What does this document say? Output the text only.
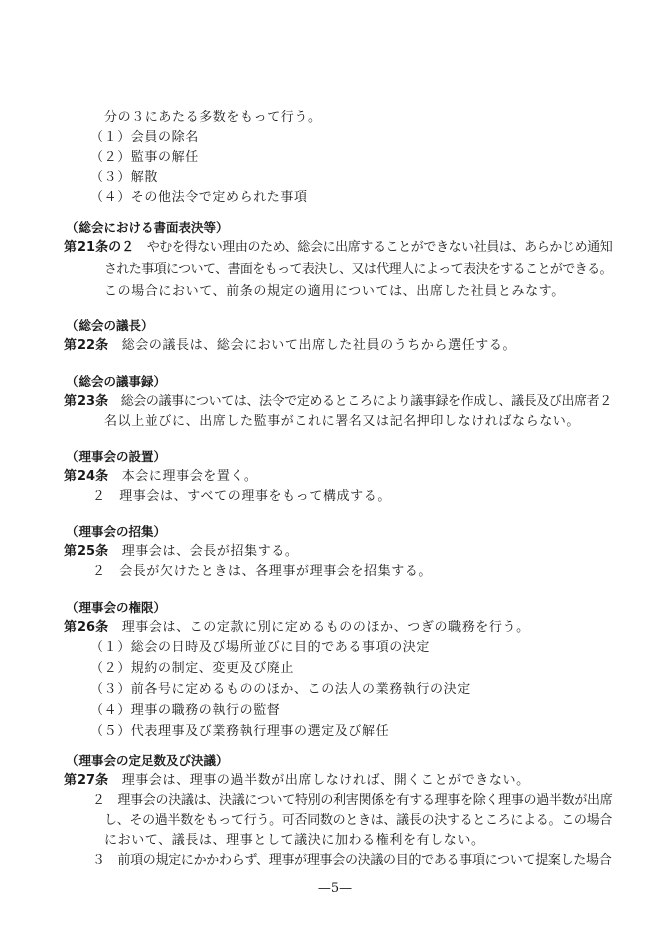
分の３にあたる多数をもって行う。
（１）会員の除名
（２）監事の解任
（３）解散
（４）その他法令で定められた事項
（総会における書面表決等）
第21条の２　 やむを得ない理由のため、総会に出席することができない社員は、あらかじめ通知
された事項について、書面をもって表決し、又は代理人によって表決をすることができる。
この場合において、前条の規定の適用については、出席した社員とみなす。
（総会の議長）
第22条　 総会の議長は、総会において出席した社員のうちから選任する。
（総会の議事録）
第23条　 総会の議事については、法令で定めるところにより議事録を作成し、議長及び出席者２
名以上並びに、出席した監事がこれに署名又は記名押印しなければならない。
（理事会の設置）
第24条　 本会に理事会を置く。
２　理事会は、すべての理事をもって構成する。
（理事会の招集）
第25条　 理事会は、会長が招集する。
２　会長が欠けたときは、各理事が理事会を招集する。
（理事会の権限）
第26条　 理事会は、この定款に別に定めるもののほか、つぎの職務を行う。
（１）総会の日時及び場所並びに目的である事項の決定
（２）規約の制定、変更及び廃止
（３）前各号に定めるもののほか、この法人の業務執行の決定
（４）理事の職務の執行の監督
（５）代表理事及び業務執行理事の選定及び解任
（理事会の定足数及び決議）
第27条　 理事会は、理事の過半数が出席しなければ、開くことができない。
２　理事会の決議は、決議について特別の利害関係を有する理事を除く理事の過半数が出席
し、その過半数をもって行う。可否同数のときは、議長の決するところによる。この場合
において、議長は、理事として議決に加わる権利を有しない。
３　前項の規定にかかわらず、理事が理事会の決議の目的である事項について提案した場合
—5—
